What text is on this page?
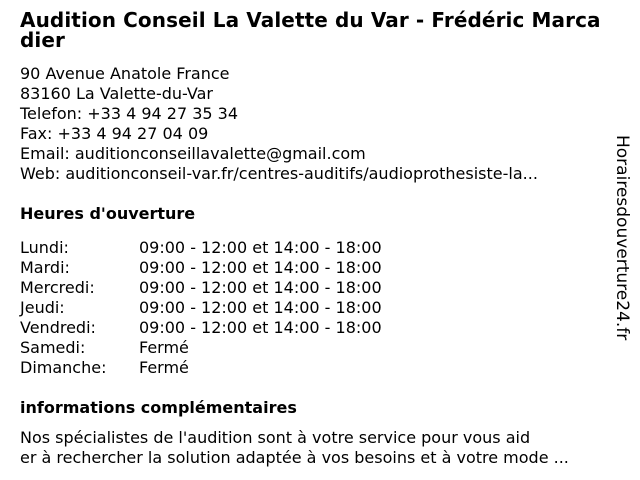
Audition Conseil La Valette du Var - Frédéric Marcadier
90 Avenue Anatole France
83160 La Valette-du-Var
Telefon: +33 4 94 27 35 34
Fax: +33 4 94 27 04 09
Email: auditionconseillavalette@gmail.com
Web: auditionconseil-var.fr/centres-auditifs/audioprothesiste-la...
Heures d'ouverture
Lundi:	09:00 - 12:00 et 14:00 - 18:00
Mardi:	09:00 - 12:00 et 14:00 - 18:00
Mercredi:	09:00 - 12:00 et 14:00 - 18:00
Jeudi:	09:00 - 12:00 et 14:00 - 18:00
Vendredi:	09:00 - 12:00 et 14:00 - 18:00
Samedi:	Fermé
Dimanche:	Fermé
informations complémentaires
Nos spécialistes de l'audition sont à votre service pour vous aid
er à rechercher la solution adaptée à vos besoins et à votre mode ...
Horairesdouverture24.fr
